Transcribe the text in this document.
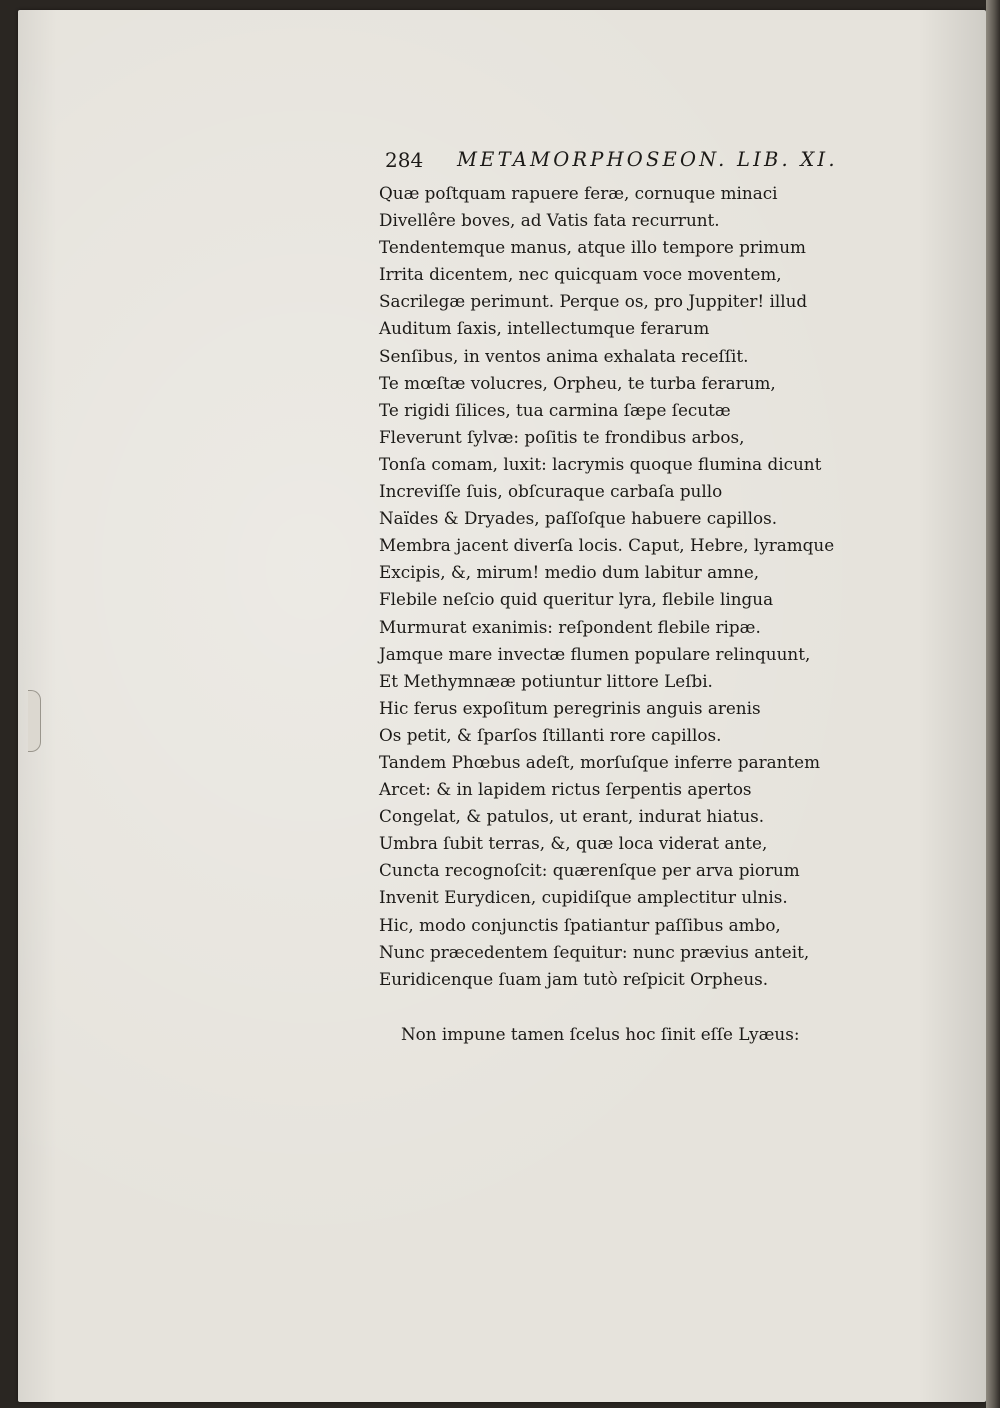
284 METAMORPHOSEON. LIB. XI.
Quæ poſtquam rapuere feræ, cornuque minaci
Divellêre boves, ad Vatis fata recurrunt.
Tendentemque manus, atque illo tempore primum
Irrita dicentem, nec quicquam voce moventem,
Sacrilegæ perimunt. Perque os, pro Juppiter! illud
Auditum ſaxis, intellectumque ferarum
Senſibus, in ventos anima exhalata receſſit.
Te mœſtæ volucres, Orpheu, te turba ferarum,
Te rigidi ſilices, tua carmina ſæpe ſecutæ
Fleverunt ſylvæ: poſitis te frondibus arbos,
Tonſa comam, luxit: lacrymis quoque flumina dicunt
Increviſſe ſuis, obſcuraque carbaſa pullo
Naïdes & Dryades, paſſoſque habuere capillos.
Membra jacent diverſa locis. Caput, Hebre, lyramque
Excipis, &, mirum! medio dum labitur amne,
Flebile neſcio quid queritur lyra, flebile lingua
Murmurat exanimis: reſpondent flebile ripæ.
Jamque mare invectæ flumen populare relinquunt,
Et Methymnææ potiuntur littore Leſbi.
Hic ferus expoſitum peregrinis anguis arenis
Os petit, & ſparſos ſtillanti rore capillos.
Tandem Phœbus adeſt, morſuſque inferre parantem
Arcet: & in lapidem rictus ſerpentis apertos
Congelat, & patulos, ut erant, indurat hiatus.
Umbra ſubit terras, &, quæ loca viderat ante,
Cuncta recognoſcit: quærenſque per arva piorum
Invenit Eurydicen, cupidiſque amplectitur ulnis.
Hic, modo conjunctis ſpatiantur paſſibus ambo,
Nunc præcedentem ſequitur: nunc prævius anteit,
Euridicenque ſuam jam tutò reſpicit Orpheus.
Non impune tamen ſcelus hoc ſinit eſſe Lyæus:
